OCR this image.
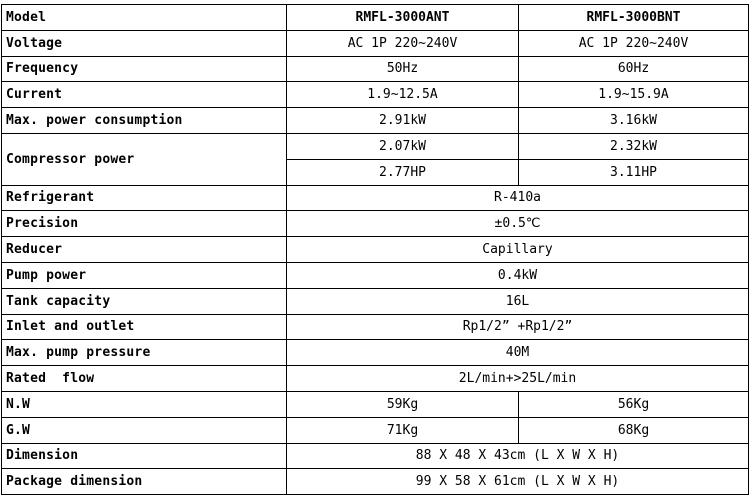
Model	RMFL-3000ANT	RMFL-3000BNT
Voltage	AC 1P 220~240V	AC 1P 220~240V
Frequency	50Hz	60Hz
Current	1.9~12.5A	1.9~15.9A
Max. power consumption	2.91kW	3.16kW
Compressor power	2.07kW	2.32kW
	2.77HP	3.11HP
Refrigerant	R-410a	
Precision	±0.5℃	
Reducer	Capillary	
Pump power	0.4kW	
Tank capacity	16L	
Inlet and outlet	Rp1/2” +Rp1/2”	
Max. pump pressure	40M	
Rated  flow	2L/min+>25L/min	
N.W	59Kg	56Kg
G.W	71Kg	68Kg
Dimension	88 X 48 X 43cm (L X W X H)	
Package dimension	99 X 58 X 61cm (L X W X H)	
